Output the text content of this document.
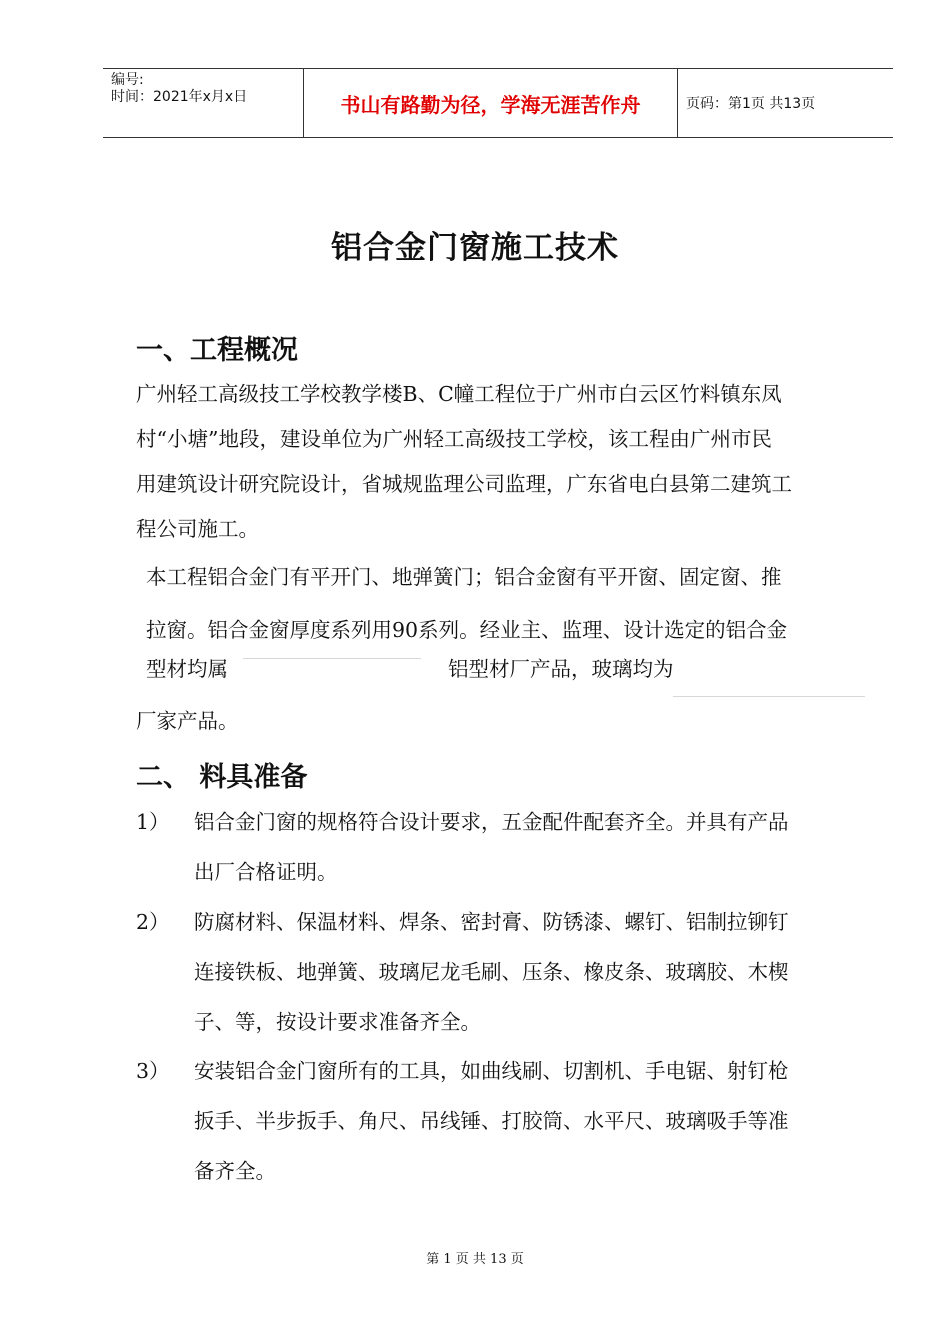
编号:
时间：2021年x月x日	书山有路勤为径，学海无涯苦作舟	页码：第1页 共13页
铝合金门窗施工技术
一、工程概况
广州轻工高级技工学校教学楼B、C幢工程位于广州市白云区竹料镇东凤
村“小塘”地段，建设单位为广州轻工高级技工学校，该工程由广州市民
用建筑设计研究院设计，省城规监理公司监理，广东省电白县第二建筑工
程公司施工。
本工程铝合金门有平开门、地弹簧门；铝合金窗有平开窗、固定窗、推
拉窗。铝合金窗厚度系列用90系列。经业主、监理、设计选定的铝合金
型材均属	铝型材厂产品，玻璃均为
厂家产品。
二、 料具准备
1）	铝合金门窗的规格符合设计要求，五金配件配套齐全。并具有产品
出厂合格证明。
2）	防腐材料、保温材料、焊条、密封膏、防锈漆、螺钉、铝制拉铆钉
连接铁板、地弹簧、玻璃尼龙毛刷、压条、橡皮条、玻璃胶、木楔
子、等，按设计要求准备齐全。
3）	安装铝合金门窗所有的工具，如曲线刷、切割机、手电锯、射钉枪
扳手、半步扳手、角尺、吊线锤、打胶筒、水平尺、玻璃吸手等准
备齐全。
第 1 页 共 13 页
